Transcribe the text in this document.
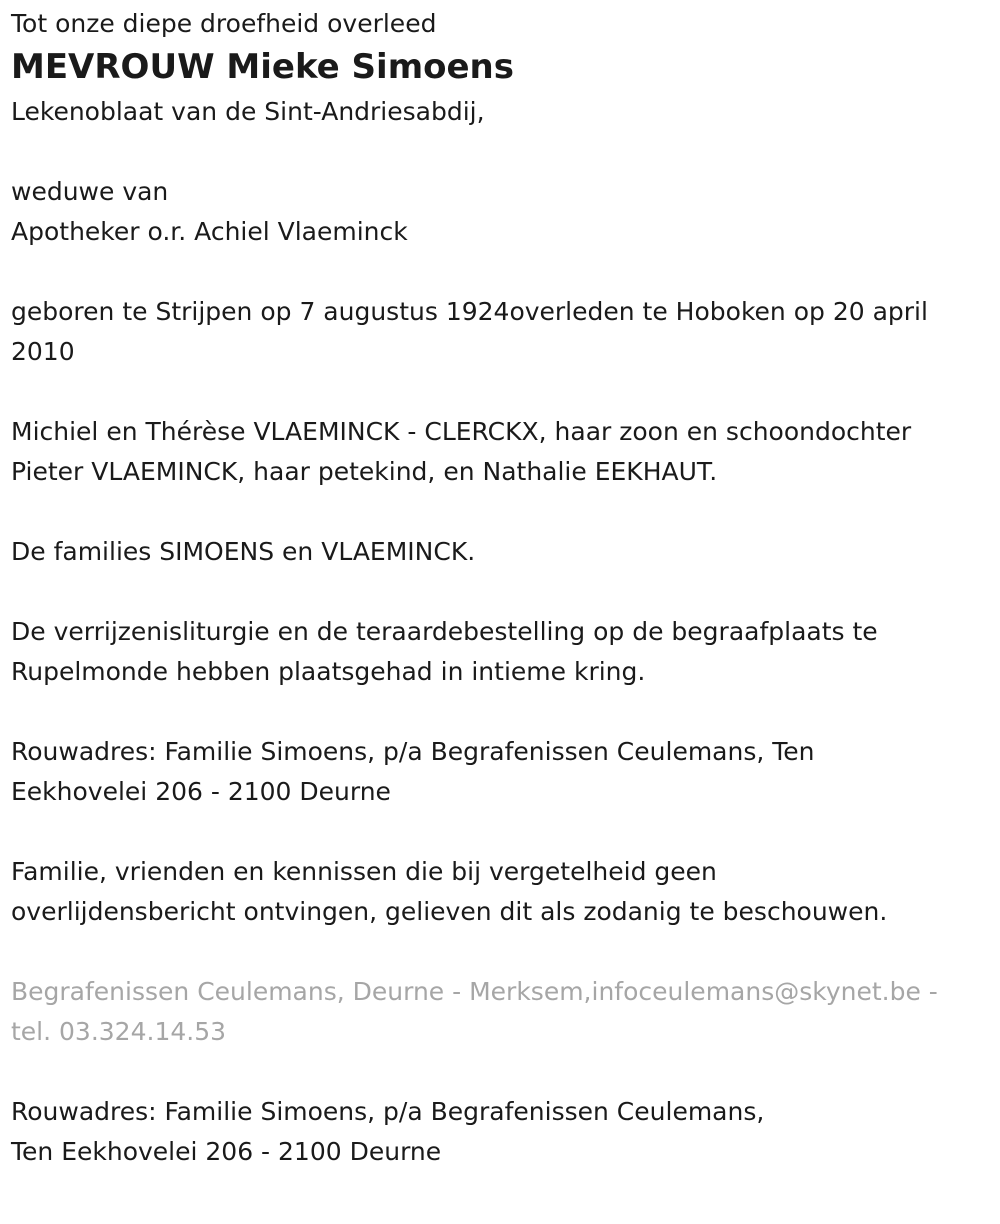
Tot onze diepe droefheid overleed

MEVROUW Mieke Simoens

Lekenoblaat van de Sint-Andriesabdij,

weduwe van

Apotheker o.r. Achiel Vlaeminck

geboren te Strijpen op 7 augustus 1924overleden te Hoboken op 20 april

2010

Michiel en Thérèse VLAEMINCK - CLERCKX, haar zoon en schoondochter

Pieter VLAEMINCK, haar petekind, en Nathalie EEKHAUT.

De families SIMOENS en VLAEMINCK.

De verrijzenisliturgie en de teraardebestelling op de begraafplaats te

Rupelmonde hebben plaatsgehad in intieme kring.

Rouwadres: Familie Simoens, p/a Begrafenissen Ceulemans, Ten

Eekhovelei 206 - 2100 Deurne

Familie, vrienden en kennissen die bij vergetelheid geen

overlijdensbericht ontvingen, gelieven dit als zodanig te beschouwen.

Begrafenissen Ceulemans, Deurne - Merksem,infoceulemans@skynet.be -

tel. 03.324.14.53

Rouwadres: Familie Simoens, p/a Begrafenissen Ceulemans,

Ten Eekhovelei 206 - 2100 Deurne
